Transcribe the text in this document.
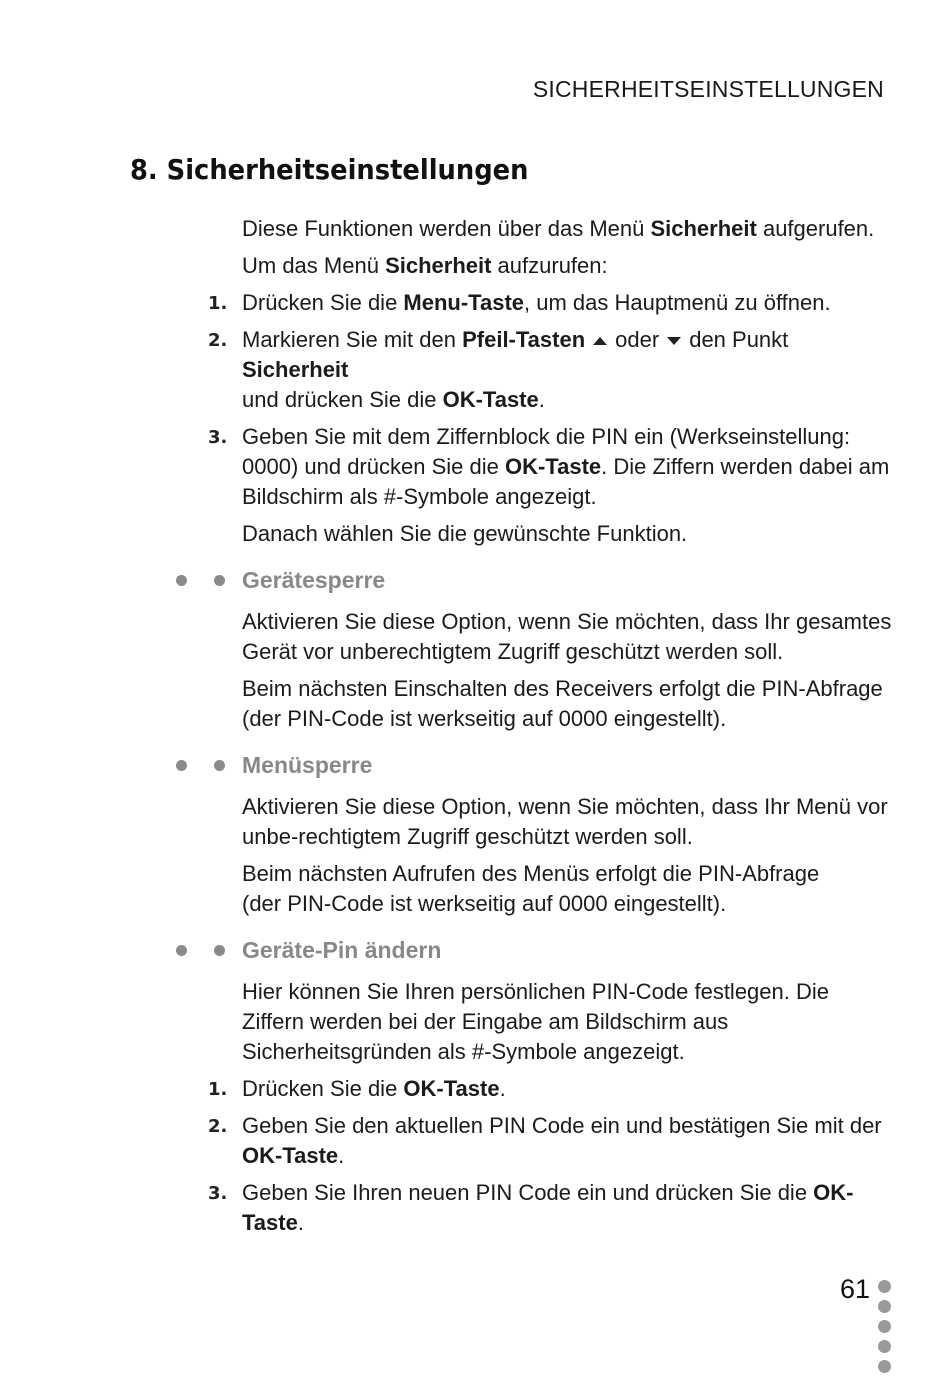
SICHERHEITSEINSTELLUNGEN
8. Sicherheitseinstellungen

Diese Funktionen werden über das Menü Sicherheit aufgerufen.

Um das Menü Sicherheit aufzurufen:

1. Drücken Sie die Menu-Taste, um das Hauptmenü zu öffnen.
2. Markieren Sie mit den Pfeil-Tasten oder den Punkt Sicherheit
und drücken Sie die OK-Taste.
3. Geben Sie mit dem Ziffernblock die PIN ein (Werkseinstellung: 0000) und drücken Sie die OK-Taste. Die Ziffern werden dabei am Bildschirm als #-Symbole angezeigt.

Danach wählen Sie die gewünschte Funktion.

Gerätesperre

Aktivieren Sie diese Option, wenn Sie möchten, dass Ihr gesamtes Gerät vor unberechtigtem Zugriff geschützt werden soll.

Beim nächsten Einschalten des Receivers erfolgt die PIN-Abfrage
(der PIN-Code ist werkseitig auf 0000 eingestellt).

Menüsperre

Aktivieren Sie diese Option, wenn Sie möchten, dass Ihr Menü vor unbe-rechtigtem Zugriff geschützt werden soll.

Beim nächsten Aufrufen des Menüs erfolgt die PIN-Abfrage
(der PIN-Code ist werkseitig auf 0000 eingestellt).

Geräte-Pin ändern

Hier können Sie Ihren persönlichen PIN-Code festlegen. Die Ziffern werden bei der Eingabe am Bildschirm aus Sicherheitsgründen als #-Symbole angezeigt.

1. Drücken Sie die OK-Taste.
2. Geben Sie den aktuellen PIN Code ein und bestätigen Sie mit der OK-Taste.
3. Geben Sie Ihren neuen PIN Code ein und drücken Sie die OK-Taste.
61
